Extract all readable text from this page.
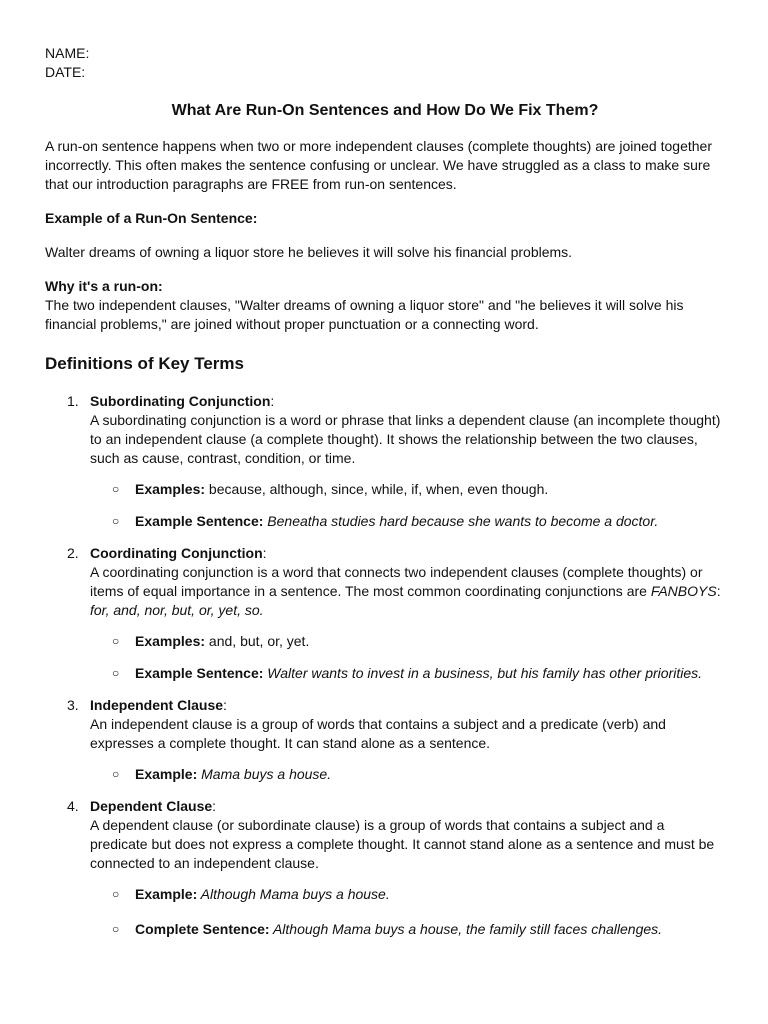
NAME:

DATE:

What Are Run-On Sentences and How Do We Fix Them?

A run-on sentence happens when two or more independent clauses (complete thoughts) are joined together incorrectly. This often makes the sentence confusing or unclear. We have struggled as a class to make sure that our introduction paragraphs are FREE from run-on sentences.

Example of a Run-On Sentence:

Walter dreams of owning a liquor store he believes it will solve his financial problems.

Why it's a run-on:

The two independent clauses, "Walter dreams of owning a liquor store" and "he believes it will solve his financial problems," are joined without proper punctuation or a connecting word.

Definitions of Key Terms
1. Subordinating Conjunction:
A subordinating conjunction is a word or phrase that links a dependent clause (an incomplete thought) to an independent clause (a complete thought). It shows the relationship between the two clauses, such as cause, contrast, condition, or time.
○ Examples: because, although, since, while, if, when, even though.
○ Example Sentence: Beneatha studies hard because she wants to become a doctor.
2. Coordinating Conjunction:
A coordinating conjunction is a word that connects two independent clauses (complete thoughts) or items of equal importance in a sentence. The most common coordinating conjunctions are FANBOYS: for, and, nor, but, or, yet, so.
○ Examples: and, but, or, yet.
○ Example Sentence: Walter wants to invest in a business, but his family has other priorities.
3. Independent Clause:
An independent clause is a group of words that contains a subject and a predicate (verb) and expresses a complete thought. It can stand alone as a sentence.
○ Example: Mama buys a house.
4. Dependent Clause:
A dependent clause (or subordinate clause) is a group of words that contains a subject and a predicate but does not express a complete thought. It cannot stand alone as a sentence and must be connected to an independent clause.
○ Example: Although Mama buys a house.
○ Complete Sentence: Although Mama buys a house, the family still faces challenges.
